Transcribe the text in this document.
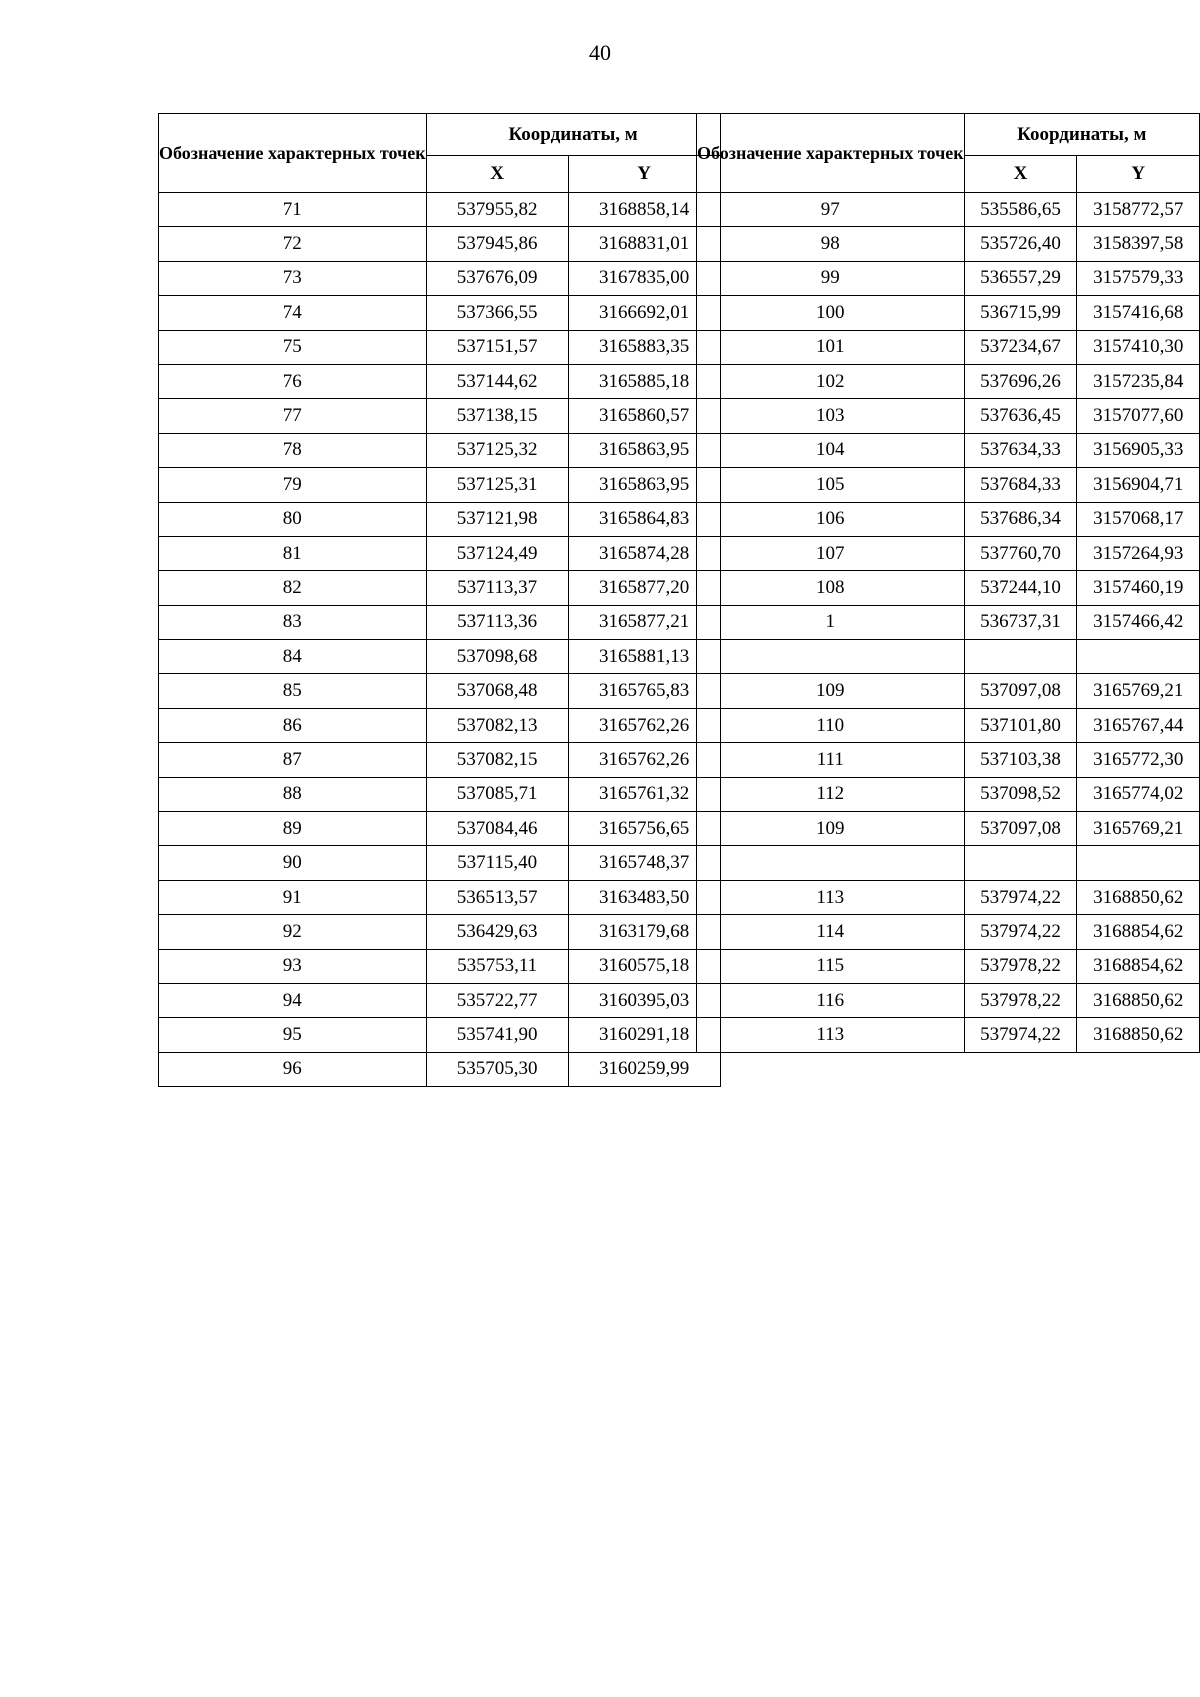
40
Обозначение характерных точек	Координаты, м	
	X	Y
71	537955,82	3168858,14
72	537945,86	3168831,01
73	537676,09	3167835,00
74	537366,55	3166692,01
75	537151,57	3165883,35
76	537144,62	3165885,18
77	537138,15	3165860,57
78	537125,32	3165863,95
79	537125,31	3165863,95
80	537121,98	3165864,83
81	537124,49	3165874,28
82	537113,37	3165877,20
83	537113,36	3165877,21
84	537098,68	3165881,13
85	537068,48	3165765,83
86	537082,13	3165762,26
87	537082,15	3165762,26
88	537085,71	3165761,32
89	537084,46	3165756,65
90	537115,40	3165748,37
91	536513,57	3163483,50
92	536429,63	3163179,68
93	535753,11	3160575,18
94	535722,77	3160395,03
95	535741,90	3160291,18
96	535705,30	3160259,99
Обозначение характерных точек	Координаты, м	
	X	Y
97	535586,65	3158772,57
98	535726,40	3158397,58
99	536557,29	3157579,33
100	536715,99	3157416,68
101	537234,67	3157410,30
102	537696,26	3157235,84
103	537636,45	3157077,60
104	537634,33	3156905,33
105	537684,33	3156904,71
106	537686,34	3157068,17
107	537760,70	3157264,93
108	537244,10	3157460,19
1	536737,31	3157466,42

109	537097,08	3165769,21
110	537101,80	3165767,44
111	537103,38	3165772,30
112	537098,52	3165774,02
109	537097,08	3165769,21

113	537974,22	3168850,62
114	537974,22	3168854,62
115	537978,22	3168854,62
116	537978,22	3168850,62
113	537974,22	3168850,62
